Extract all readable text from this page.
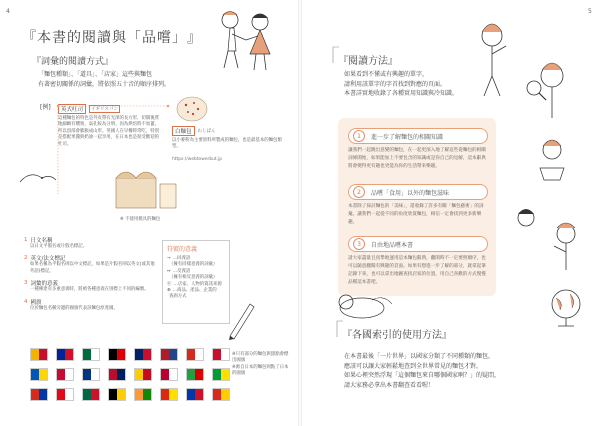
4
『 本書的閱讀與「品嚐」 』
『詞彙的閱讀方式』
「麵包種類」、「道具」、「店家」這些與麵包
有著密切關係的詞彙，將依照五十音的順序排列。
[例]	英式吐司	イギリスパン
這種麵包的特色是外皮帶有光澤的長方形，切開後質地細緻有嚼勁，氣孔較為分明。因為烘焙時不加蓋，所以頂部會膨脹成山形。英國人在早餐時常吃，特別是搭配果醬與奶油一起享用，在日本也是很受歡迎的吐司。
白麵包	わしぱん
以小麥粉為主要原料所製成的麵包，也是最基本的麵包類型。
https://webtowerbut.jp
※ 不使用模具的麵包
1 日文名稱
以日文平假名或片假名標記。
2 英文/法文標記
如果名稱為平假名則以中文標記，如果是片假名則以英文(或其他外語)標記。
3 詞彙的意義
一種傳達有多重意義時，將被各種意義在別標上不同的編號。
4 國旗
位於麵包名稱旁邊的國旗代表該麵包原產國。
符號的意義
→ …同義語
（擁有同樣意義的詞彙）
↔ …反義語
（擁有相反意義的詞彙）
⓪ …店家、人物的資訊來源
⊕ …商品、產品、企業的
查詢方式
※只有部分的麵包與甜點會標出國旗
※源自日本的麵包則點了日本的國旗
5
『閱讀方法』
如果看到不懂或有興趣的單字，
請利用該單字的字首找到對應的頁面。
本書詳實地收錄了各種實用知識與冷知識。
1	進一步了解麵包的相關知識
讓我們一起跳出意變的麵包，在一起更深入地了解這些從麵包的相關詞條開始，如果能加上不要包含的知識或是你自己的見解，這本辭典將會變得更有趣也更能為你的生活帶來樂趣。
2	品嚐「食用」以外的麵包滋味
本書除了探討麵包的「美味」，還收錄了許多有關「麵包藝術」的詞彙。讓我們一起從不同的角度欣賞麵包，相信一定會找到更多新樂趣。
3	自由地品嚐本書
請大家盡量且真摯地運用這本麵包辭典，翻開時不一定要照順序，也可以隨意翻閱有興趣的頁面。如果有想進一步了解的部分，就拿起筆記錄下來，也可以拿出地圖查找店家的位置，用自己喜歡的方式慢慢品嚐這本書吧。
『各國索引的使用方法』
在本書最後「一片世界」以國家分類了不同種類的麵包，
應該可以讓大家輕鬆地查到全世界常見的麵包才對。
如果心裡突然浮現「這個麵包來自哪個國家啊？」的疑問，
請大家務必拿出本書翻查看看喔！
